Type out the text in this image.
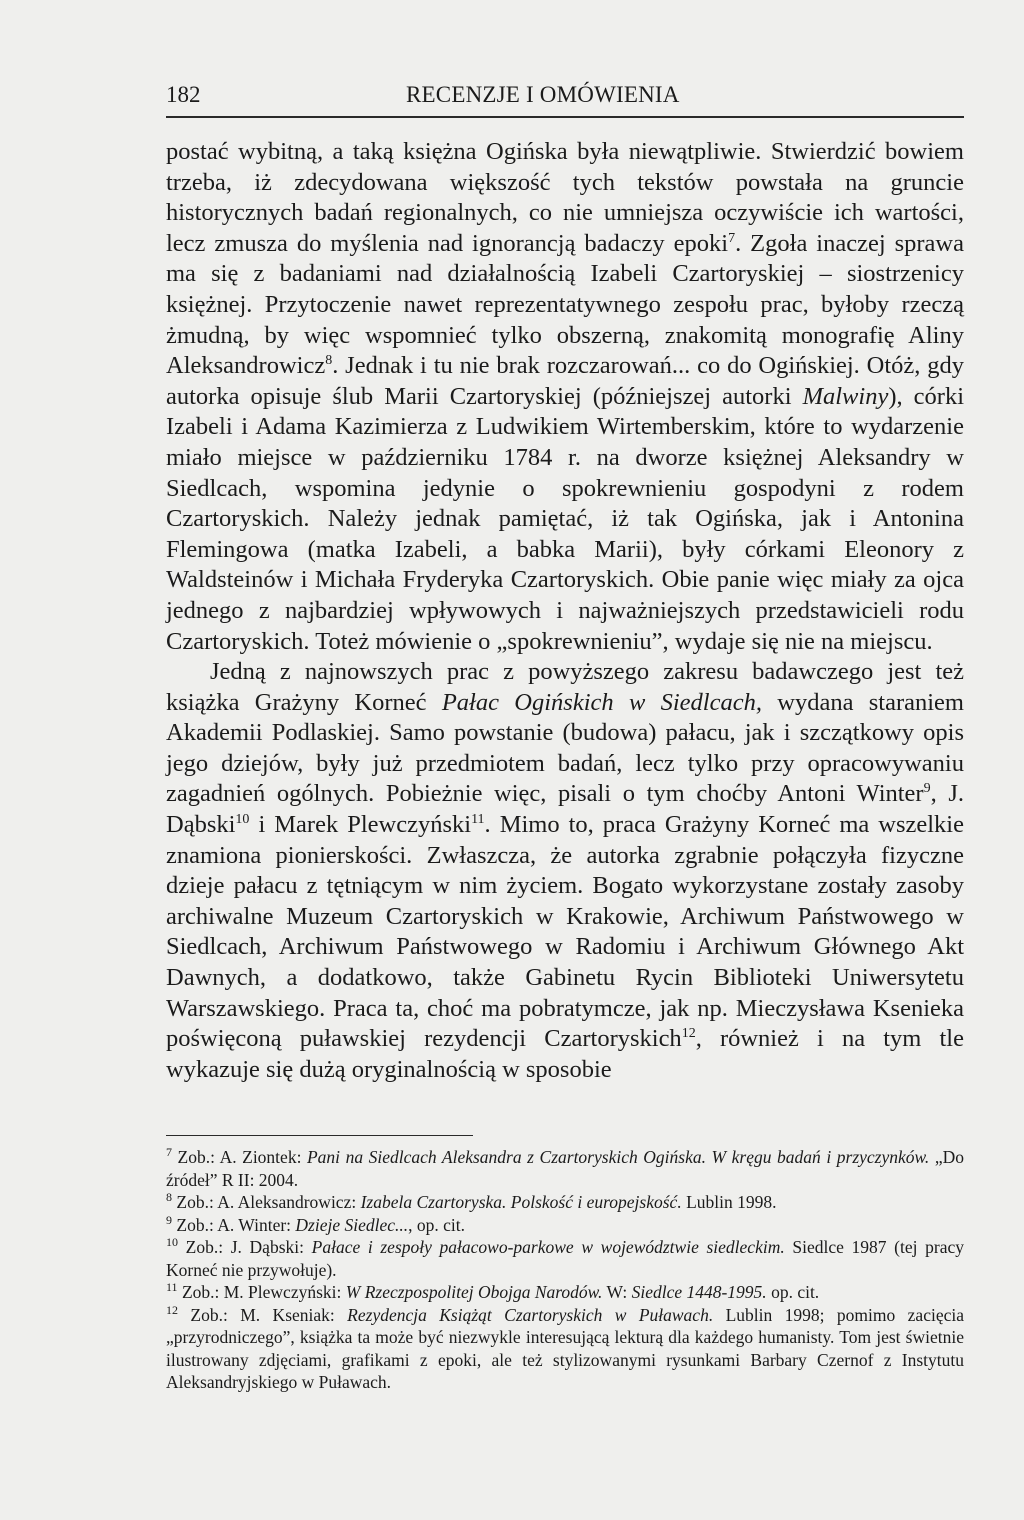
182	RECENZJE I OMÓWIENIA

postać wybitną, a taką księżna Ogińska była niewątpliwie. Stwierdzić bowiem trzeba, iż zdecydowana większość tych tekstów powstała na gruncie historycznych badań regionalnych, co nie umniejsza oczywiście ich wartości, lecz zmusza do myślenia nad ignorancją badaczy epoki$^7$. Zgoła inaczej sprawa ma się z badaniami nad działalnością Izabeli Czartoryskiej – siostrzenicy księżnej. Przytoczenie nawet reprezentatywnego zespołu prac, byłoby rzeczą żmudną, by więc wspomnieć tylko obszerną, znakomitą monografię Aliny Aleksandrowicz$^8$. Jednak i tu nie brak rozczarowań... co do Ogińskiej. Otóż, gdy autorka opisuje ślub Marii Czartoryskiej (późniejszej autorki Malwiny), córki Izabeli i Adama Kazimierza z Ludwikiem Wirtemberskim, które to wydarzenie miało miejsce w październiku 1784 r. na dworze księżnej Aleksandry w Siedlcach, wspomina jedynie o spokrewnieniu gospodyni z rodem Czartoryskich. Należy jednak pamiętać, iż tak Ogińska, jak i Antonina Flemingowa (matka Izabeli, a babka Marii), były córkami Eleonory z Waldsteinów i Michała Fryderyka Czartoryskich. Obie panie więc miały za ojca jednego z najbardziej wpływowych i najważniejszych przedstawicieli rodu Czartoryskich. Toteż mówienie o „spokrewnieniu”, wydaje się nie na miejscu.

Jedną z najnowszych prac z powyższego zakresu badawczego jest też książka Grażyny Korneć Pałac Ogińskich w Siedlcach, wydana staraniem Akademii Podlaskiej. Samo powstanie (budowa) pałacu, jak i szczątkowy opis jego dziejów, były już przedmiotem badań, lecz tylko przy opracowywaniu zagadnień ogólnych. Pobieżnie więc, pisali o tym choćby Antoni Winter$^9$, J. Dąbski$^{10}$ i Marek Plewczyński$^{11}$. Mimo to, praca Grażyny Korneć ma wszelkie znamiona pionierskości. Zwłaszcza, że autorka zgrabnie połączyła fizyczne dzieje pałacu z tętniącym w nim życiem. Bogato wykorzystane zostały zasoby archiwalne Muzeum Czartoryskich w Krakowie, Archiwum Państwowego w Siedlcach, Archiwum Państwowego w Radomiu i Archiwum Głównego Akt Dawnych, a dodatkowo, także Gabinetu Rycin Biblioteki Uniwersytetu Warszawskiego. Praca ta, choć ma pobratymcze, jak np. Mieczysława Ksenieka poświęconą puławskiej rezydencji Czartoryskich$^{12}$, również i na tym tle wykazuje się dużą oryginalnością w sposobie

$^7$ Zob.: A. Ziontek: Pani na Siedlcach Aleksandra z Czartoryskich Ogińska. W kręgu badań i przyczynków. „Do źródeł” R II: 2004.

$^8$ Zob.: A. Aleksandrowicz: Izabela Czartoryska. Polskość i europejskość. Lublin 1998.

$^9$ Zob.: A. Winter: Dzieje Siedlec..., op. cit.

$^{10}$ Zob.: J. Dąbski: Pałace i zespoły pałacowo-parkowe w województwie siedleckim. Siedlce 1987 (tej pracy Korneć nie przywołuje).

$^{11}$ Zob.: M. Plewczyński: W Rzeczpospolitej Obojga Narodów. W: Siedlce 1448-1995. op. cit.

$^{12}$ Zob.: M. Kseniak: Rezydencja Książąt Czartoryskich w Puławach. Lublin 1998; pomimo zacięcia „przyrodniczego”, książka ta może być niezwykle interesującą lekturą dla każdego humanisty. Tom jest świetnie ilustrowany zdjęciami, grafikami z epoki, ale też stylizowanymi rysunkami Barbary Czernof z Instytutu Aleksandryjskiego w Puławach.
